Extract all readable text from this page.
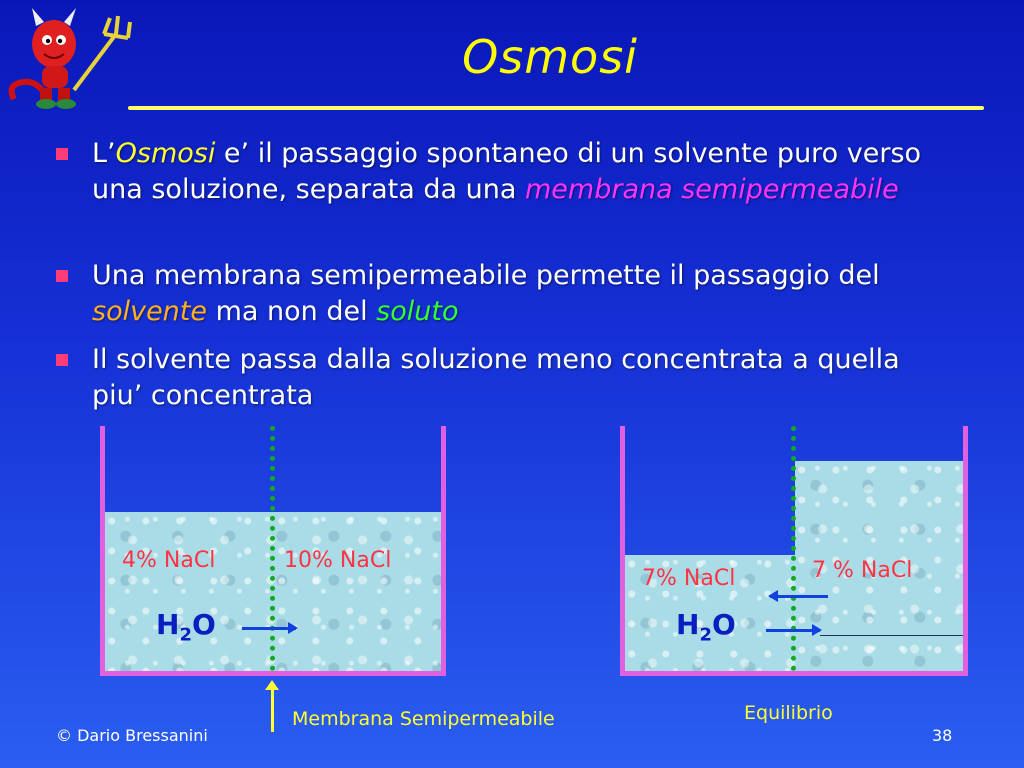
Osmosi
L’Osmosi e’ il passaggio spontaneo di un solvente puro verso una soluzione, separata da una membrana semipermeabile
Una membrana semipermeabile permette il passaggio del solvente ma non del soluto
Il solvente passa dalla soluzione meno concentrata a quella piu’ concentrata
4% NaCl	10% NaCl
$H_2O$
Membrana Semipermeabile
7% NaCl	7 % NaCl
$H_2O$
Equilibrio
© Dario Bressanini	38
